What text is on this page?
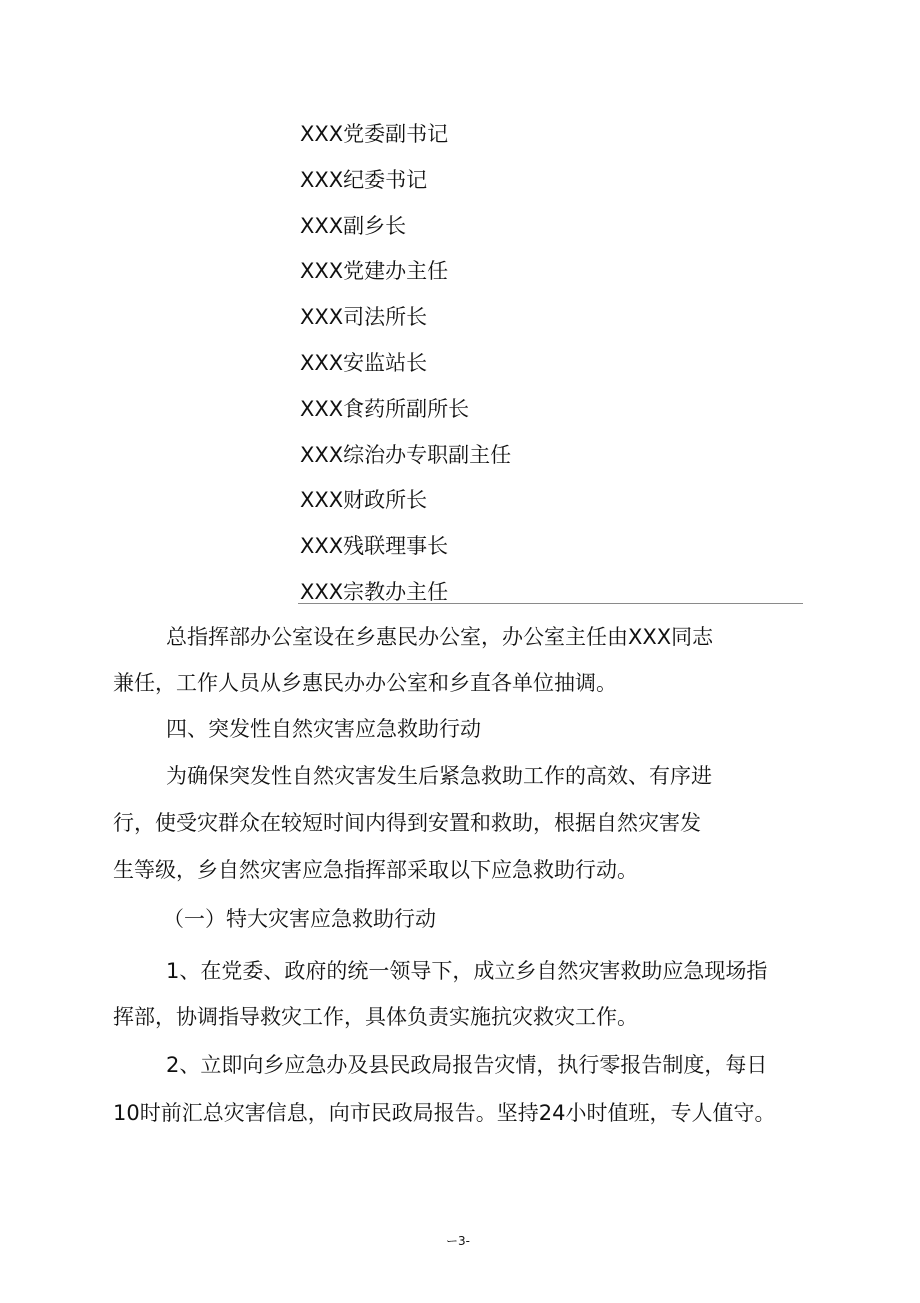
XXX党委副书记
XXX纪委书记
XXX副乡长
XXX党建办主任
XXX司法所长
XXX安监站长
XXX食药所副所长
XXX综治办专职副主任
XXX财政所长
XXX残联理事长
XXX宗教办主任
总指挥部办公室设在乡惠民办公室，办公室主任由XXX同志
兼任，工作人员从乡惠民办办公室和乡直各单位抽调。
四、突发性自然灾害应急救助行动
为确保突发性自然灾害发生后紧急救助工作的高效、有序进
行，使受灾群众在较短时间内得到安置和救助，根据自然灾害发
生等级，乡自然灾害应急指挥部采取以下应急救助行动。
（一）特大灾害应急救助行动
1、在党委、政府的统一领导下，成立乡自然灾害救助应急现场指
挥部，协调指导救灾工作，具体负责实施抗灾救灾工作。
2、立即向乡应急办及县民政局报告灾情，执行零报告制度，每日
10时前汇总灾害信息，向市民政局报告。坚持24小时值班，专人值守。
ー3-
